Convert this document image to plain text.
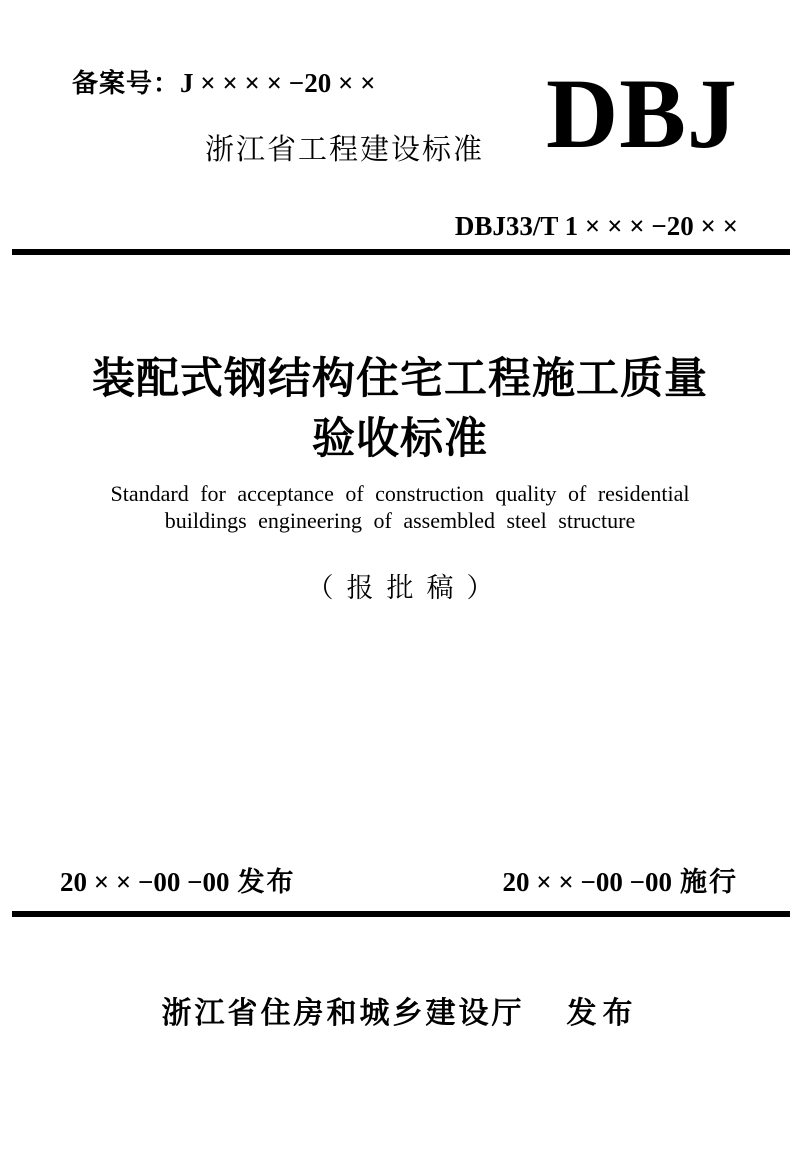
备案号：J × × × × −20 × ×
浙江省工程建设标准 DBJ
DBJ33/T 1 × × × −20 × ×
装配式钢结构住宅工程施工质量
验收标准
Standard for acceptance of construction quality of residential
buildings engineering of assembled steel structure
（报批稿）
20 × × −00 −00 发布	20 × × −00 −00 施行
浙江省住房和城乡建设厅 发布
